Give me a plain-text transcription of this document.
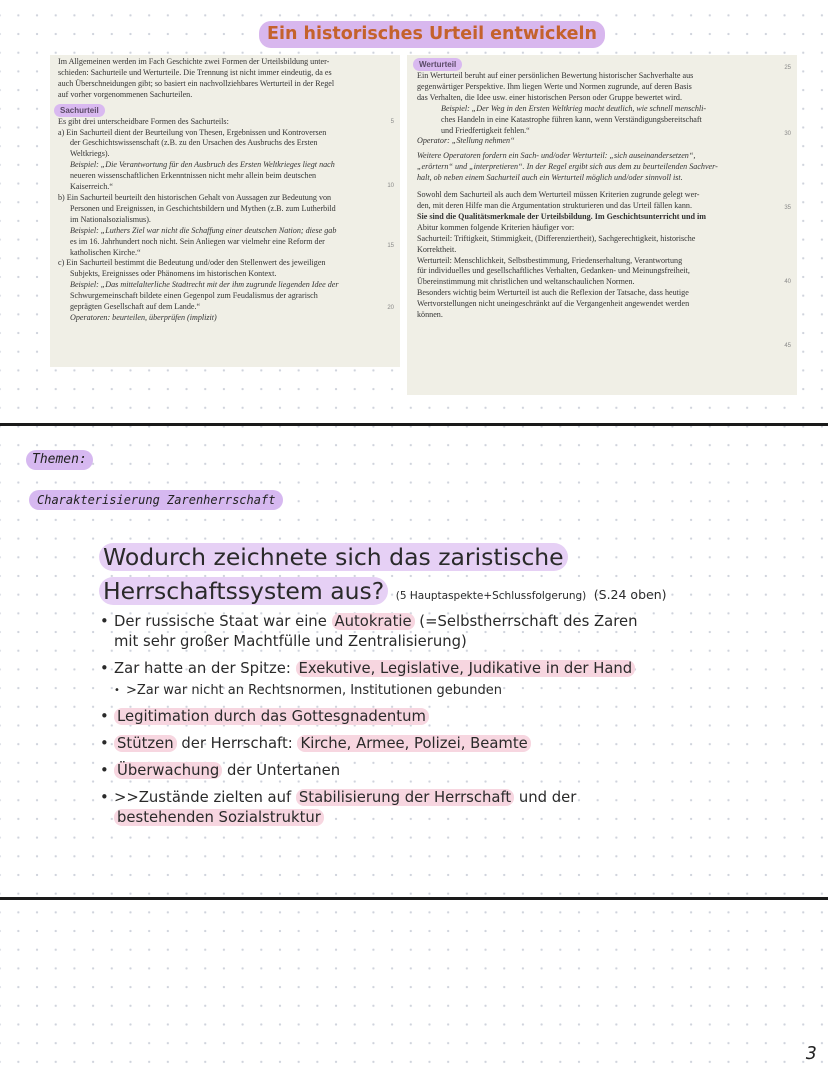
Ein historisches Urteil entwickeln
Im Allgemeinen werden im Fach Geschichte zwei Formen der Urteilsbildung unter-
schieden: Sachurteile und Werturteile. Die Trennung ist nicht immer eindeutig, da es
auch Überschneidungen gibt; so basiert ein nachvollziehbares Werturteil in der Regel
auf vorher vorgenommenen Sachurteilen.
Sachurteil
Es gibt drei unterscheidbare Formen des Sachurteils:
a) Ein Sachurteil dient der Beurteilung von Thesen, Ergebnissen und Kontroversen
der Geschichtswissenschaft (z.B. zu den Ursachen des Ausbruchs des Ersten
Weltkriegs).
Beispiel: „Die Verantwortung für den Ausbruch des Ersten Weltkrieges liegt nach
neueren wissenschaftlichen Erkenntnissen nicht mehr allein beim deutschen
Kaiserreich.“
b) Ein Sachurteil beurteilt den historischen Gehalt von Aussagen zur Bedeutung von
Personen und Ereignissen, in Geschichtsbildern und Mythen (z.B. zum Lutherbild
im Nationalsozialismus).
Beispiel: „Luthers Ziel war nicht die Schaffung einer deutschen Nation; diese gab
es im 16. Jahrhundert noch nicht. Sein Anliegen war vielmehr eine Reform der
katholischen Kirche.“
c) Ein Sachurteil bestimmt die Bedeutung und/oder den Stellenwert des jeweiligen
Subjekts, Ereignisses oder Phänomens im historischen Kontext.
Beispiel: „Das mittelalterliche Stadtrecht mit der ihm zugrunde liegenden Idee der
Schwurgemeinschaft bildete einen Gegenpol zum Feudalismus der agrarisch
geprägten Gesellschaft auf dem Lande.“
Operatoren: beurteilen, überprüfen (implizit)
5
10
15
20
Werturteil
Ein Werturteil beruht auf einer persönlichen Bewertung historischer Sachverhalte aus
gegenwärtiger Perspektive. Ihm liegen Werte und Normen zugrunde, auf deren Basis
das Verhalten, die Idee usw. einer historischen Person oder Gruppe bewertet wird.
Beispiel: „Der Weg in den Ersten Weltkrieg macht deutlich, wie schnell menschli-
ches Handeln in eine Katastrophe führen kann, wenn Verständigungsbereitschaft
und Friedfertigkeit fehlen.“
Operator: „Stellung nehmen“
Weitere Operatoren fordern ein Sach- und/oder Werturteil: „sich auseinandersetzen“,
„erörtern“ und „interpretieren“. In der Regel ergibt sich aus dem zu beurteilenden Sachver-
halt, ob neben einem Sachurteil auch ein Werturteil möglich und/oder sinnvoll ist.
Sowohl dem Sachurteil als auch dem Werturteil müssen Kriterien zugrunde gelegt wer-
den, mit deren Hilfe man die Argumentation strukturieren und das Urteil fällen kann.
Sie sind die Qualitätsmerkmale der Urteilsbildung. Im Geschichtsunterricht und im
Abitur kommen folgende Kriterien häufiger vor:
Sachurteil: Triftigkeit, Stimmigkeit, (Differenziertheit), Sachgerechtigkeit, historische
Korrektheit.
Werturteil: Menschlichkeit, Selbstbestimmung, Friedenserhaltung, Verantwortung
für individuelles und gesellschaftliches Verhalten, Gedanken- und Meinungsfreiheit,
Übereinstimmung mit christlichen und weltanschaulichen Normen.
Besonders wichtig beim Werturteil ist auch die Reflexion der Tatsache, dass heutige
Wertvorstellungen nicht uneingeschränkt auf die Vergangenheit angewendet werden
können.
25
30
35
40
45
Themen:
Charakterisierung Zarenherrschaft
Wodurch zeichnete sich das zaristische
Herrschaftssystem aus? (5 Hauptaspekte+Schlussfolgerung) (S.24 oben)
• Der russische Staat war eine Autokratie (=Selbstherrschaft des Zaren
mit sehr großer Machtfülle und Zentralisierung)
• Zar hatte an der Spitze: Exekutive, Legislative, Judikative in der Hand
• >Zar war nicht an Rechtsnormen, Institutionen gebunden
• Legitimation durch das Gottesgnadentum
• Stützen der Herrschaft: Kirche, Armee, Polizei, Beamte
• Überwachung der Untertanen
• >>Zustände zielten auf Stabilisierung der Herrschaft und der
bestehenden Sozialstruktur
3
